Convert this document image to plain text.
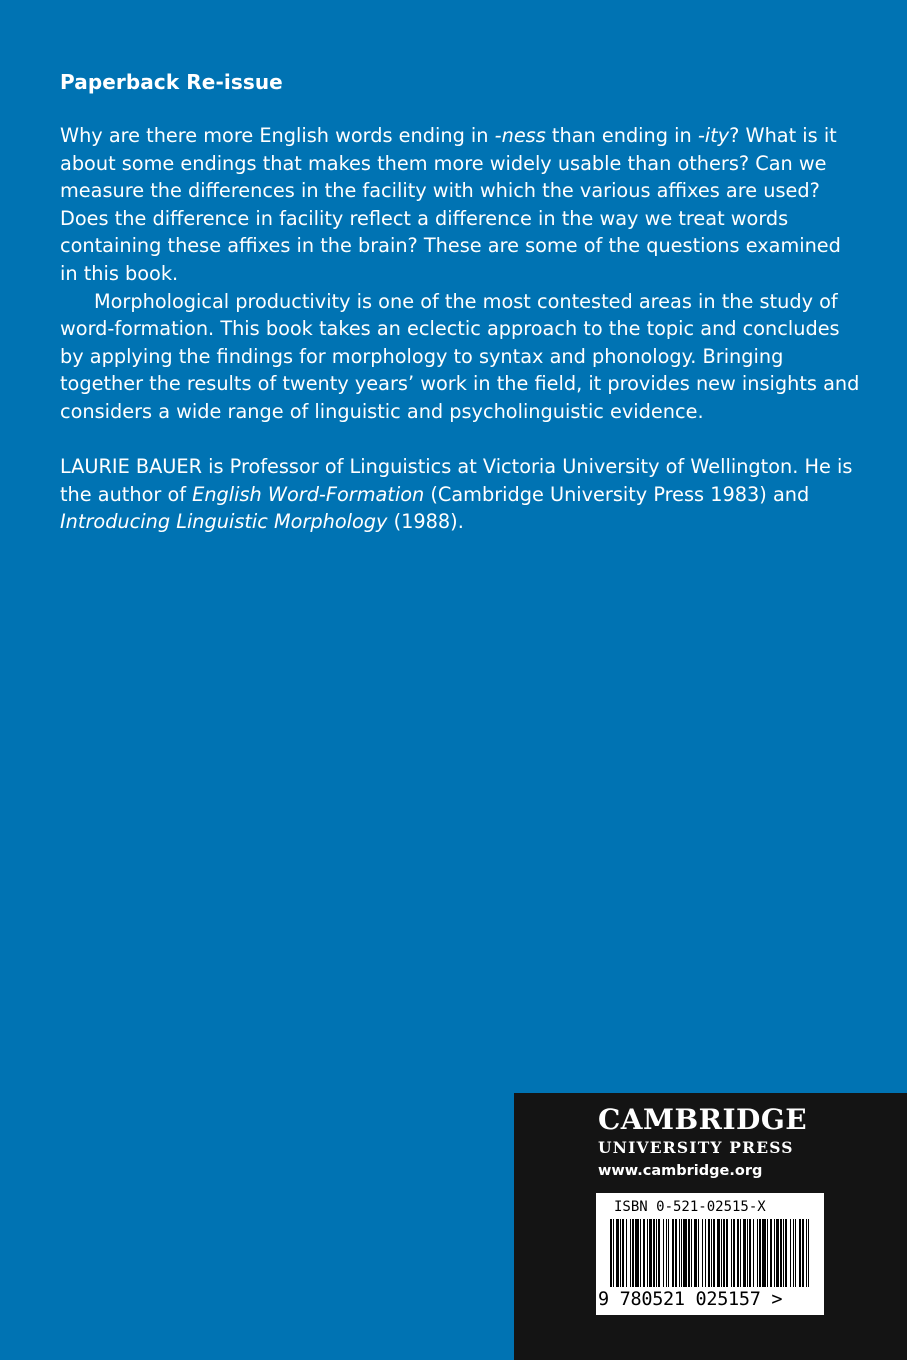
Paperback Re-issue

Why are there more English words ending in -ness than ending in -ity? What is it about some endings that makes them more widely usable than others? Can we measure the differences in the facility with which the various affixes are used? Does the difference in facility reflect a difference in the way we treat words containing these affixes in the brain? These are some of the questions examined in this book.

Morphological productivity is one of the most contested areas in the study of word-formation. This book takes an eclectic approach to the topic and concludes by applying the findings for morphology to syntax and phonology. Bringing together the results of twenty years’ work in the field, it provides new insights and considers a wide range of linguistic and psycholinguistic evidence.

LAURIE BAUER is Professor of Linguistics at Victoria University of Wellington. He is the author of English Word-Formation (Cambridge University Press 1983) and Introducing Linguistic Morphology (1988).

CAMBRIDGE
UNIVERSITY PRESS
www.cambridge.org
ISBN 0-521-02515-X
9 780521 025157 >
